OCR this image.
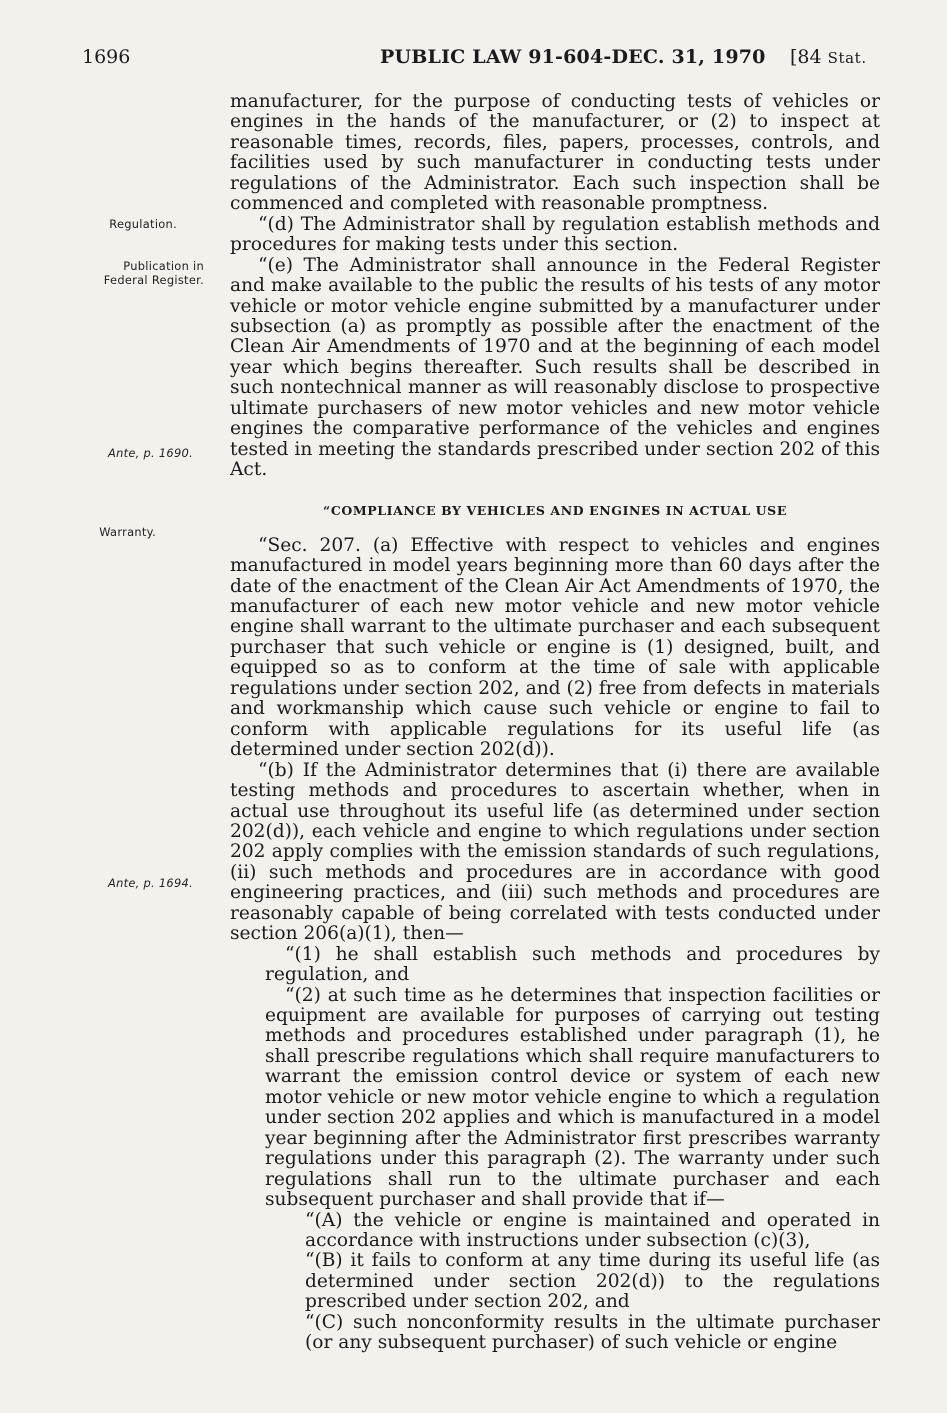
1696	PUBLIC LAW 91-604-DEC. 31, 1970 [84 Stat.
Regulation.
Publication in Federal Register.
Ante, p. 1690.
Warranty.
Ante, p. 1694.

manufacturer, for the purpose of conducting tests of vehicles or engines in the hands of the manufacturer, or (2) to inspect at reasonable times, records, files, papers, processes, controls, and facilities used by such manufacturer in conducting tests under regulations of the Administrator. Each such inspection shall be commenced and completed with reasonable promptness.

“(d) The Administrator shall by regulation establish methods and procedures for making tests under this section.

“(e) The Administrator shall announce in the Federal Register and make available to the public the results of his tests of any motor vehicle or motor vehicle engine submitted by a manufacturer under subsection (a) as promptly as possible after the enactment of the Clean Air Amendments of 1970 and at the beginning of each model year which begins thereafter. Such results shall be described in such nontechnical manner as will reasonably disclose to prospective ultimate purchasers of new motor vehicles and new motor vehicle engines the comparative performance of the vehicles and engines tested in meeting the standards prescribed under section 202 of this Act.

“COMPLIANCE BY VEHICLES AND ENGINES IN ACTUAL USE

“Sec. 207. (a) Effective with respect to vehicles and engines manufactured in model years beginning more than 60 days after the date of the enactment of the Clean Air Act Amendments of 1970, the manufacturer of each new motor vehicle and new motor vehicle engine shall warrant to the ultimate purchaser and each subsequent purchaser that such vehicle or engine is (1) designed, built, and equipped so as to conform at the time of sale with applicable regulations under section 202, and (2) free from defects in materials and workmanship which cause such vehicle or engine to fail to conform with applicable regulations for its useful life (as determined under section 202(d)).

“(b) If the Administrator determines that (i) there are available testing methods and procedures to ascertain whether, when in actual use throughout its useful life (as determined under section 202(d)), each vehicle and engine to which regulations under section 202 apply complies with the emission standards of such regulations, (ii) such methods and procedures are in accordance with good engineering practices, and (iii) such methods and procedures are reasonably capable of being correlated with tests conducted under section 206(a)(1), then—

“(1) he shall establish such methods and procedures by regulation, and

“(2) at such time as he determines that inspection facilities or equipment are available for purposes of carrying out testing methods and procedures established under paragraph (1), he shall prescribe regulations which shall require manufacturers to warrant the emission control device or system of each new motor vehicle or new motor vehicle engine to which a regulation under section 202 applies and which is manufactured in a model year beginning after the Administrator first prescribes warranty regulations under this paragraph (2). The warranty under such regulations shall run to the ultimate purchaser and each subsequent purchaser and shall provide that if—

“(A) the vehicle or engine is maintained and operated in accordance with instructions under subsection (c)(3),

“(B) it fails to conform at any time during its useful life (as determined under section 202(d)) to the regulations prescribed under section 202, and

“(C) such nonconformity results in the ultimate purchaser (or any subsequent purchaser) of such vehicle or engine
